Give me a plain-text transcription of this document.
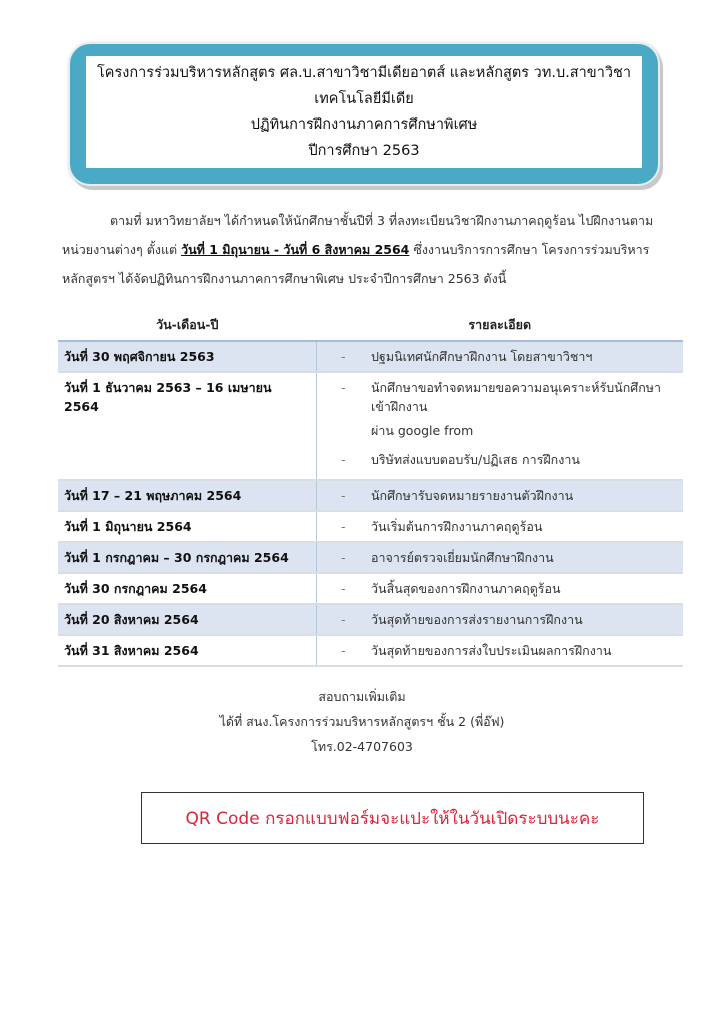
โครงการร่วมบริหารหลักสูตร ศล.บ.สาขาวิชามีเดียอาตส์ และหลักสูตร วท.บ.สาขาวิชา
เทคโนโลยีมีเดีย
ปฏิทินการฝึกงานภาคการศึกษาพิเศษ
ปีการศึกษา 2563

ตามที่ มหาวิทยาลัยฯ ได้กำหนดให้นักศึกษาชั้นปีที่ 3 ที่ลงทะเบียนวิชาฝึกงานภาคฤดูร้อน ไปฝึกงานตาม

หน่วยงานต่างๆ ตั้งแต่ วันที่ 1 มิถุนายน - วันที่ 6 สิงหาคม 2564 ซึ่งงานบริการการศึกษา โครงการร่วมบริหาร

หลักสูตรฯ ได้จัดปฏิทินการฝึกงานภาคการศึกษาพิเศษ ประจำปีการศึกษา 2563 ดังนี้

วัน-เดือน-ปี	รายละเอียด
วันที่ 30 พฤศจิกายน 2563	- ปฐมนิเทศนักศึกษาฝึกงาน โดยสาขาวิชาฯ

วันที่ 1 ธันวาคม 2563 – 16 เมษายน 2564	- นักศึกษาขอทำจดหมายขอความอนุเคราะห์รับนักศึกษาเข้าฝึกงาน
ผ่าน google from
- บริษัทส่งแบบตอบรับ/ปฏิเสธ การฝึกงาน

วันที่ 17 – 21 พฤษภาคม 2564	- นักศึกษารับจดหมายรายงานตัวฝึกงาน

วันที่ 1 มิถุนายน 2564	- วันเริ่มต้นการฝึกงานภาคฤดูร้อน

วันที่ 1 กรกฎาคม – 30 กรกฎาคม 2564	- อาจารย์ตรวจเยี่ยมนักศึกษาฝึกงาน

วันที่ 30 กรกฎาคม 2564	- วันสิ้นสุดของการฝึกงานภาคฤดูร้อน

วันที่ 20 สิงหาคม 2564	- วันสุดท้ายของการส่งรายงานการฝึกงาน

วันที่ 31 สิงหาคม 2564	- วันสุดท้ายของการส่งใบประเมินผลการฝึกงาน
สอบถามเพิ่มเติม
ได้ที่ สนง.โครงการร่วมบริหารหลักสูตรฯ ชั้น 2 (พี่อ๊ฟ)
โทร.02-4707603
QR Code กรอกแบบฟอร์มจะแปะให้ในวันเปิดระบบนะคะ
